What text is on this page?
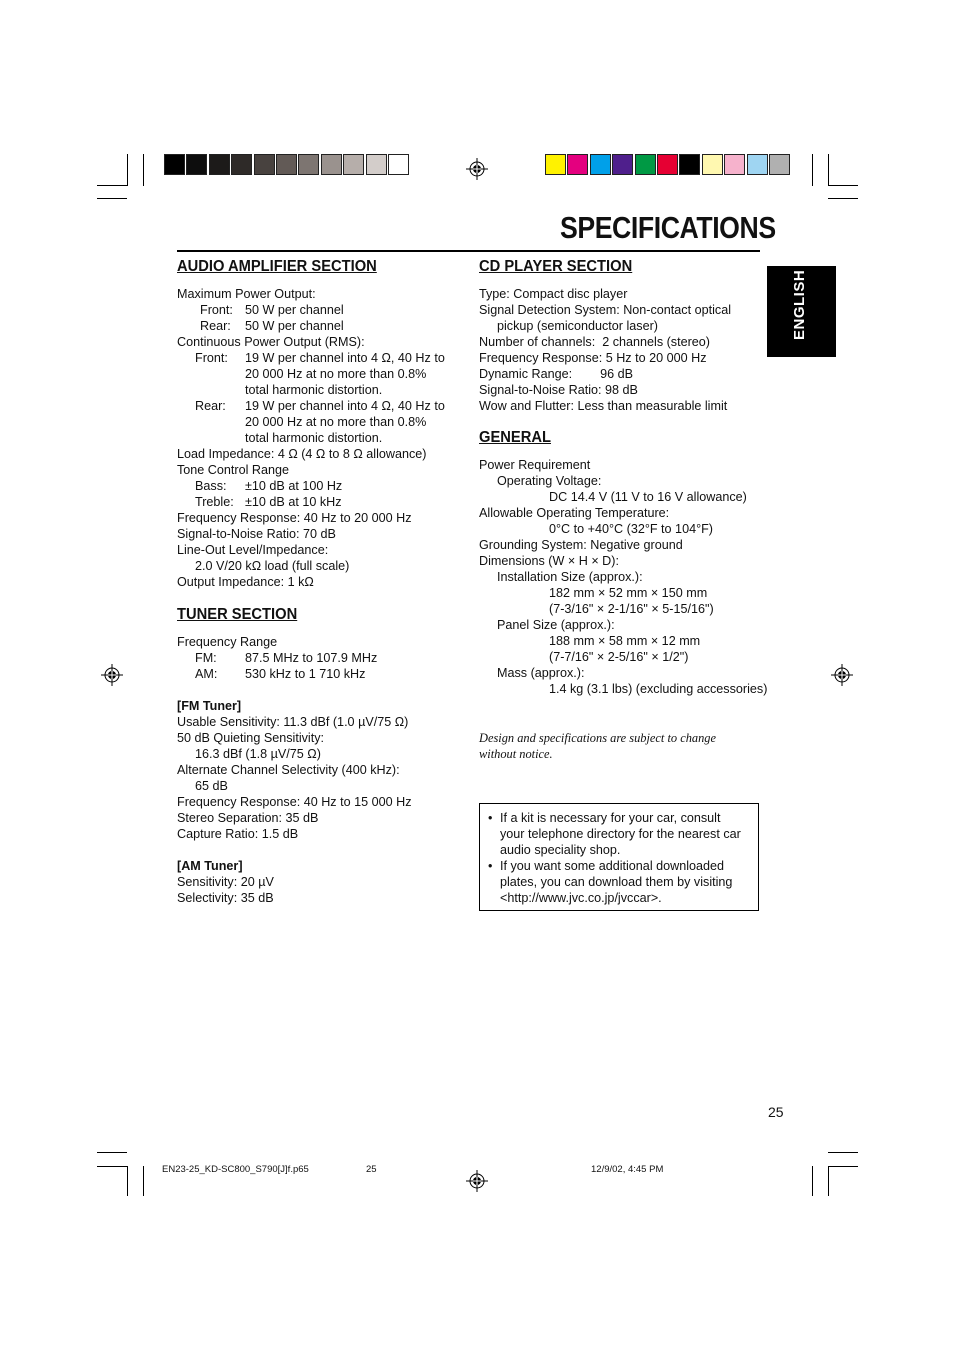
SPECIFICATIONS
ENGLISH
AUDIO AMPLIFIER SECTION
Maximum Power Output:
Front: 50 W per channel
Rear: 50 W per channel
Continuous Power Output (RMS):
Front: 19 W per channel into 4 Ω, 40 Hz to
20 000 Hz at no more than 0.8%
total harmonic distortion.
Rear: 19 W per channel into 4 Ω, 40 Hz to
20 000 Hz at no more than 0.8%
total harmonic distortion.
Load Impedance: 4 Ω (4 Ω to 8 Ω allowance)
Tone Control Range
Bass: ±10 dB at 100 Hz
Treble: ±10 dB at 10 kHz
Frequency Response: 40 Hz to 20 000 Hz
Signal-to-Noise Ratio: 70 dB
Line-Out Level/Impedance:
2.0 V/20 kΩ load (full scale)
Output Impedance: 1 kΩ
TUNER SECTION
Frequency Range
FM: 87.5 MHz to 107.9 MHz
AM: 530 kHz to 1 710 kHz
[FM Tuner]
Usable Sensitivity: 11.3 dBf (1.0 µV/75 Ω)
50 dB Quieting Sensitivity:
16.3 dBf (1.8 µV/75 Ω)
Alternate Channel Selectivity (400 kHz):
65 dB
Frequency Response: 40 Hz to 15 000 Hz
Stereo Separation: 35 dB
Capture Ratio: 1.5 dB
[AM Tuner]
Sensitivity: 20 µV
Selectivity: 35 dB
CD PLAYER SECTION
Type: Compact disc player
Signal Detection System: Non-contact optical
pickup (semiconductor laser)
Number of channels:  2 channels (stereo)
Frequency Response: 5 Hz to 20 000 Hz
Dynamic Range:        96 dB
Signal-to-Noise Ratio: 98 dB
Wow and Flutter: Less than measurable limit
GENERAL
Power Requirement
Operating Voltage:
DC 14.4 V (11 V to 16 V allowance)
Allowable Operating Temperature:
0°C to +40°C (32°F to 104°F)
Grounding System: Negative ground
Dimensions (W × H × D):
Installation Size (approx.):
182 mm × 52 mm × 150 mm
(7-3/16" × 2-1/16" × 5-15/16")
Panel Size (approx.):
188 mm × 58 mm × 12 mm
(7-7/16" × 2-5/16" × 1/2")
Mass (approx.):
1.4 kg (3.1 lbs) (excluding accessories)
Design and specifications are subject to change
without notice.
• If a kit is necessary for your car, consult
your telephone directory for the nearest car
audio speciality shop.
• If you want some additional downloaded
plates, you can download them by visiting
<http://www.jvc.co.jp/jvccar>.
25
EN23-25_KD-SC800_S790[J]f.p65	25	12/9/02, 4:45 PM
